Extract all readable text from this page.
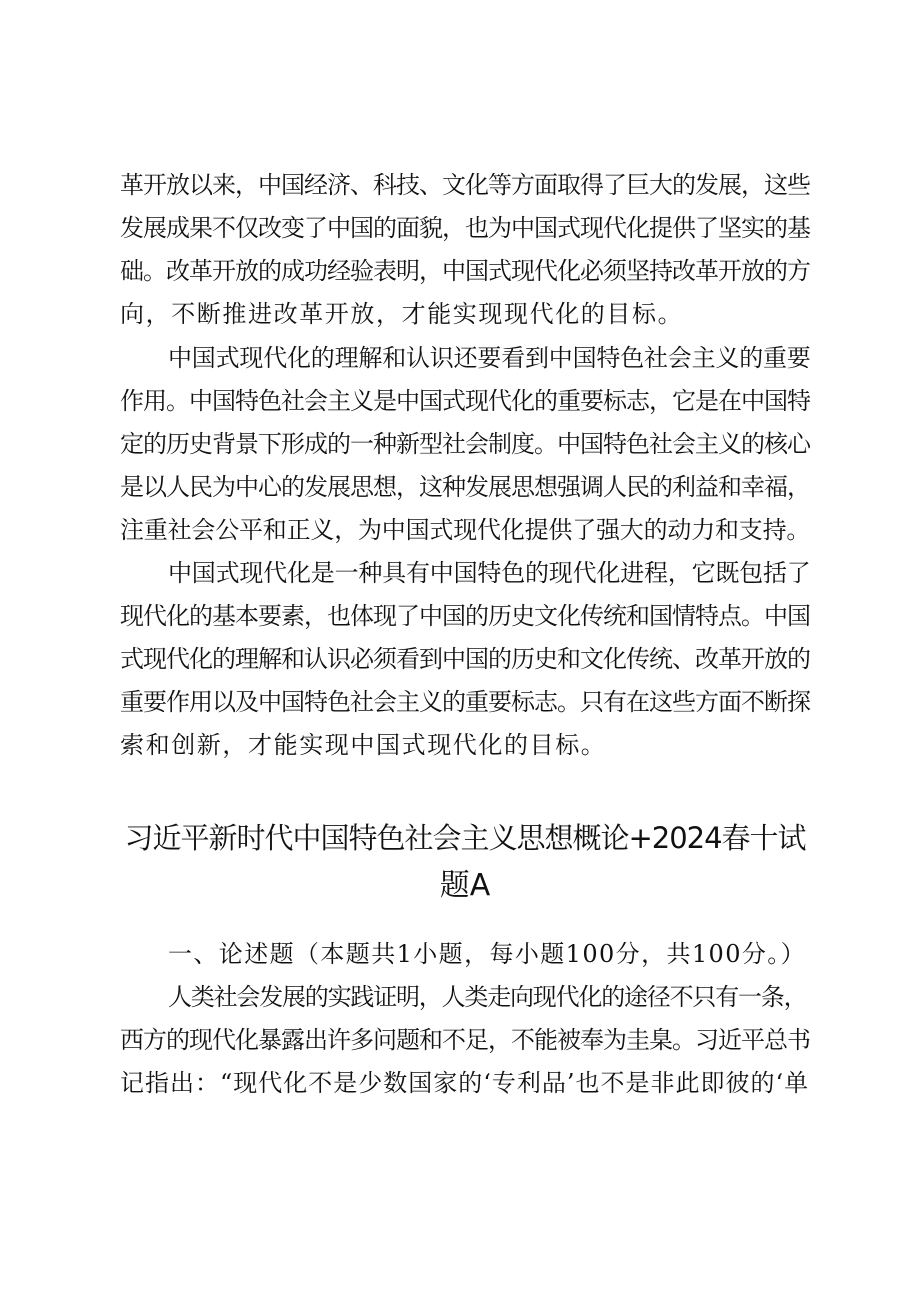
革开放以来，中国经济、科技、文化等方面取得了巨大的发展，这些
发展成果不仅改变了中国的面貌，也为中国式现代化提供了坚实的基
础。改革开放的成功经验表明，中国式现代化必须坚持改革开放的方
向，不断推进改革开放，才能实现现代化的目标。
中国式现代化的理解和认识还要看到中国特色社会主义的重要
作用。中国特色社会主义是中国式现代化的重要标志，它是在中国特
定的历史背景下形成的一种新型社会制度。中国特色社会主义的核心
是以人民为中心的发展思想，这种发展思想强调人民的利益和幸福，
注重社会公平和正义，为中国式现代化提供了强大的动力和支持。
中国式现代化是一种具有中国特色的现代化进程，它既包括了
现代化的基本要素，也体现了中国的历史文化传统和国情特点。中国
式现代化的理解和认识必须看到中国的历史和文化传统、改革开放的
重要作用以及中国特色社会主义的重要标志。只有在这些方面不断探
索和创新，才能实现中国式现代化的目标。
习近平新时代中国特色社会主义思想概论+2024春十试
题A
一、论述题（本题共1小题，每小题100分，共100分。）
人类社会发展的实践证明，人类走向现代化的途径不只有一条，
西方的现代化暴露出许多问题和不足，不能被奉为圭臬。习近平总书
记指出：“现代化不是少数国家的‘专利品’也不是非此即彼的‘单
